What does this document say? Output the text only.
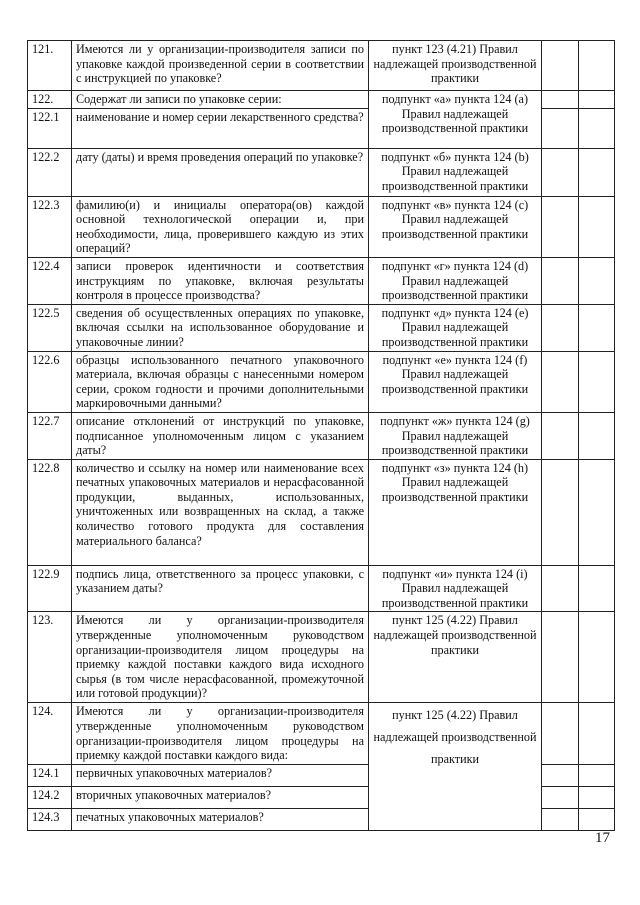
121.	Имеются ли у организации-производителя записи по упаковке каждой произведенной серии в соответствии с инструкцией по упаковке?	пункт 123 (4.21) Правил надлежащей производственной практики		
122.	Содержат ли записи по упаковке серии:	подпункт «а» пункта 124 (a) Правил надлежащей производственной практики		
122.1	наименование и номер серии лекарственного средства?			
122.2	дату (даты) и время проведения операций по упаковке?	подпункт «б» пункта 124 (b) Правил надлежащей производственной практики		
122.3	фамилию(и) и инициалы оператора(ов) каждой основной технологической операции и, при необходимости, лица, проверившего каждую из этих операций?	подпункт «в» пункта 124 (c) Правил надлежащей производственной практики		
122.4	записи проверок идентичности и соответствия инструкциям по упаковке, включая результаты контроля в процессе производства?	подпункт «г» пункта 124 (d) Правил надлежащей производственной практики		
122.5	сведения об осуществленных операциях по упаковке, включая ссылки на использованное оборудование и упаковочные линии?	подпункт «д» пункта 124 (e) Правил надлежащей производственной практики		
122.6	образцы использованного печатного упаковочного материала, включая образцы с нанесенными номером серии, сроком годности и прочими дополнительными маркировочными данными?	подпункт «е» пункта 124 (f) Правил надлежащей производственной практики		
122.7	описание отклонений от инструкций по упаковке, подписанное уполномоченным лицом с указанием даты?	подпункт «ж» пункта 124 (g) Правил надлежащей производственной практики		
122.8	количество и ссылку на номер или наименование всех печатных упаковочных материалов и нерасфасованной продукции, выданных, использованных, уничтоженных или возвращенных на склад, а также количество готового продукта для составления материального баланса?	подпункт «з» пункта 124 (h) Правил надлежащей производственной практики		
122.9	подпись лица, ответственного за процесс упаковки, с указанием даты?	подпункт «и» пункта 124 (i) Правил надлежащей производственной практики		
123.	Имеются ли у организации-производителя утвержденные уполномоченным руководством организации-производителя лицом процедуры на приемку каждой поставки каждого вида исходного сырья (в том числе нерасфасованной, промежуточной или готовой продукции)?	пункт 125 (4.22) Правил надлежащей производственной практики		
124.	Имеются ли у организации-производителя утвержденные уполномоченным руководством организации-производителя лицом процедуры на приемку каждой поставки каждого вида:	пункт 125 (4.22) Правил надлежащей производственной практики		
124.1	первичных упаковочных материалов?			
124.2	вторичных упаковочных материалов?			
124.3	печатных упаковочных материалов?			
17
